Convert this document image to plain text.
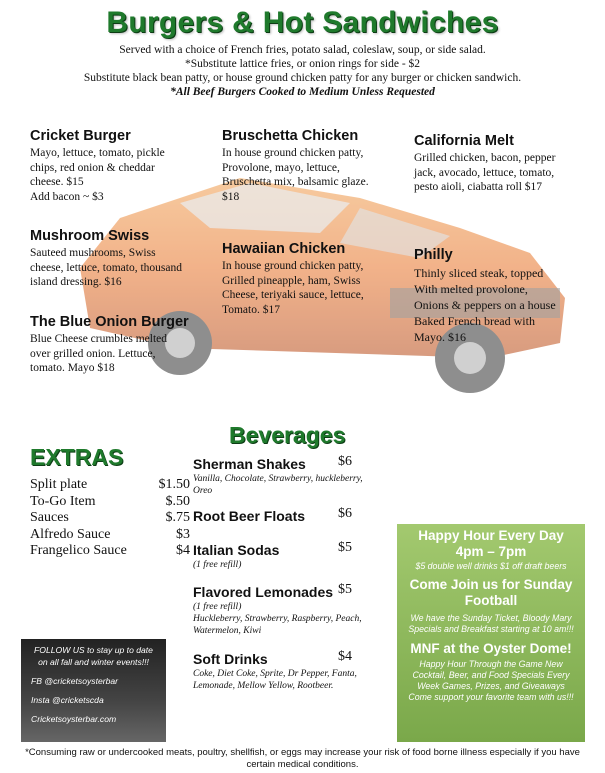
Burgers & Hot Sandwiches
Served with a choice of French fries, potato salad, coleslaw, soup, or side salad.
*Substitute lattice fries, or onion rings for side - $2
Substitute black bean patty, or house ground chicken patty for any burger or chicken sandwich.
*All Beef Burgers Cooked to Medium Unless Requested
Cricket Burger
Mayo, lettuce, tomato, pickle
chips, red onion & cheddar
cheese. $15
Add bacon ~ $3
Bruschetta Chicken
In house ground chicken patty,
Provolone, mayo, lettuce,
Bruschetta mix, balsamic glaze.
$18
California Melt
Grilled chicken, bacon, pepper
jack, avocado, lettuce, tomato,
pesto aioli, ciabatta roll $17
Mushroom Swiss
Sauteed mushrooms, Swiss
cheese, lettuce, tomato, thousand
island dressing. $16
Hawaiian Chicken
In house ground chicken patty,
Grilled pineapple, ham, Swiss
Cheese, teriyaki sauce, lettuce,
Tomato. $17
Philly
Thinly sliced steak, topped
With melted provolone,
Onions & peppers on a house
Baked French bread with
Mayo. $16
The Blue Onion Burger
Blue Cheese crumbles melted
over grilled onion. Lettuce,
tomato. Mayo $18
EXTRAS
Split plate	$1.50
To-Go Item	$.50
Sauces	$.75
Alfredo Sauce	$3
Frangelico Sauce	$4
Beverages
Sherman Shakes $6
Vanilla, Chocolate, Strawberry, huckleberry,
Oreo
Root Beer Floats $6
Italian Sodas	$5
(1 free refill)
Flavored Lemonades $5
(1 free refill)
Huckleberry, Strawberry, Raspberry, Peach,
Watermelon, Kiwi
Soft Drinks	$4
Coke, Diet Coke, Sprite, Dr Pepper, Fanta,
Lemonade, Mellow Yellow, Rootbeer.
Happy Hour Every Day
4pm – 7pm
$5 double well drinks $1 off draft beers
Come Join us for Sunday Football
We have the Sunday Ticket, Bloody Mary Specials and Breakfast starting at 10 am!!!
MNF at the Oyster Dome!
Happy Hour Through the Game New Cocktail, Beer, and Food Specials Every Week Games, Prizes, and Giveaways Come support your favorite team with us!!!
FOLLOW US to stay up to date on all fall and winter events!!!
FB @cricketsoysterbar
Insta @cricketscda
Cricketsoysterbar.com
*Consuming raw or undercooked meats, poultry, shellfish, or eggs may increase your risk of food borne illness especially if you have certain medical conditions.
